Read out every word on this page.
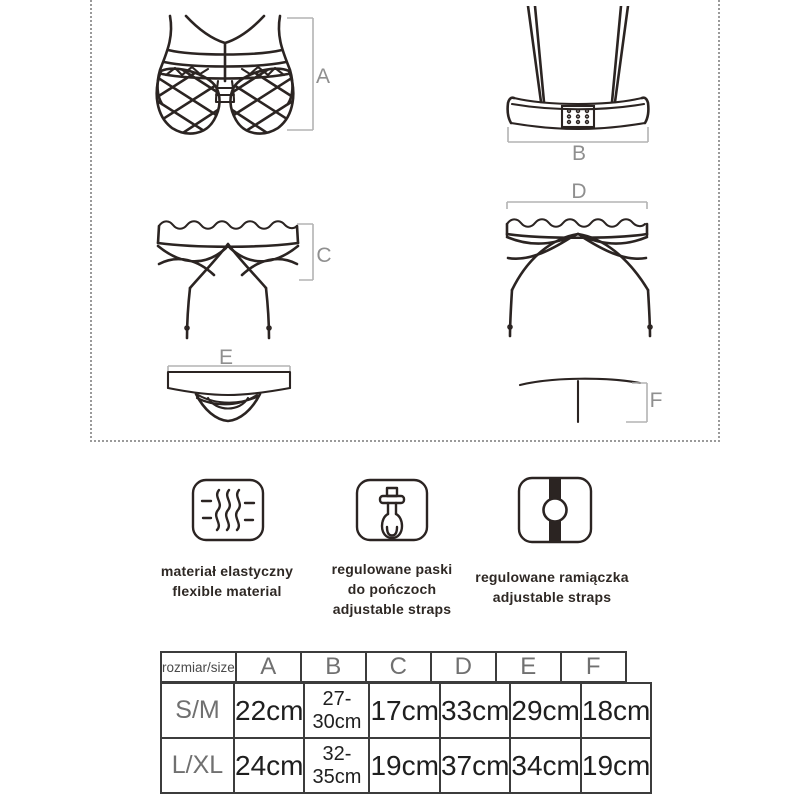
A
B
C
D
E
F
materiał elastyczny
flexible material
regulowane paski
do pończoch
adjustable straps
regulowane ramiączka
adjustable straps
rozmiar/size	A	B	C	D	E	F
S/M	22cm	27-30cm	17cm	33cm	29cm	18cm
L/XL	24cm	32-35cm	19cm	37cm	34cm	19cm
